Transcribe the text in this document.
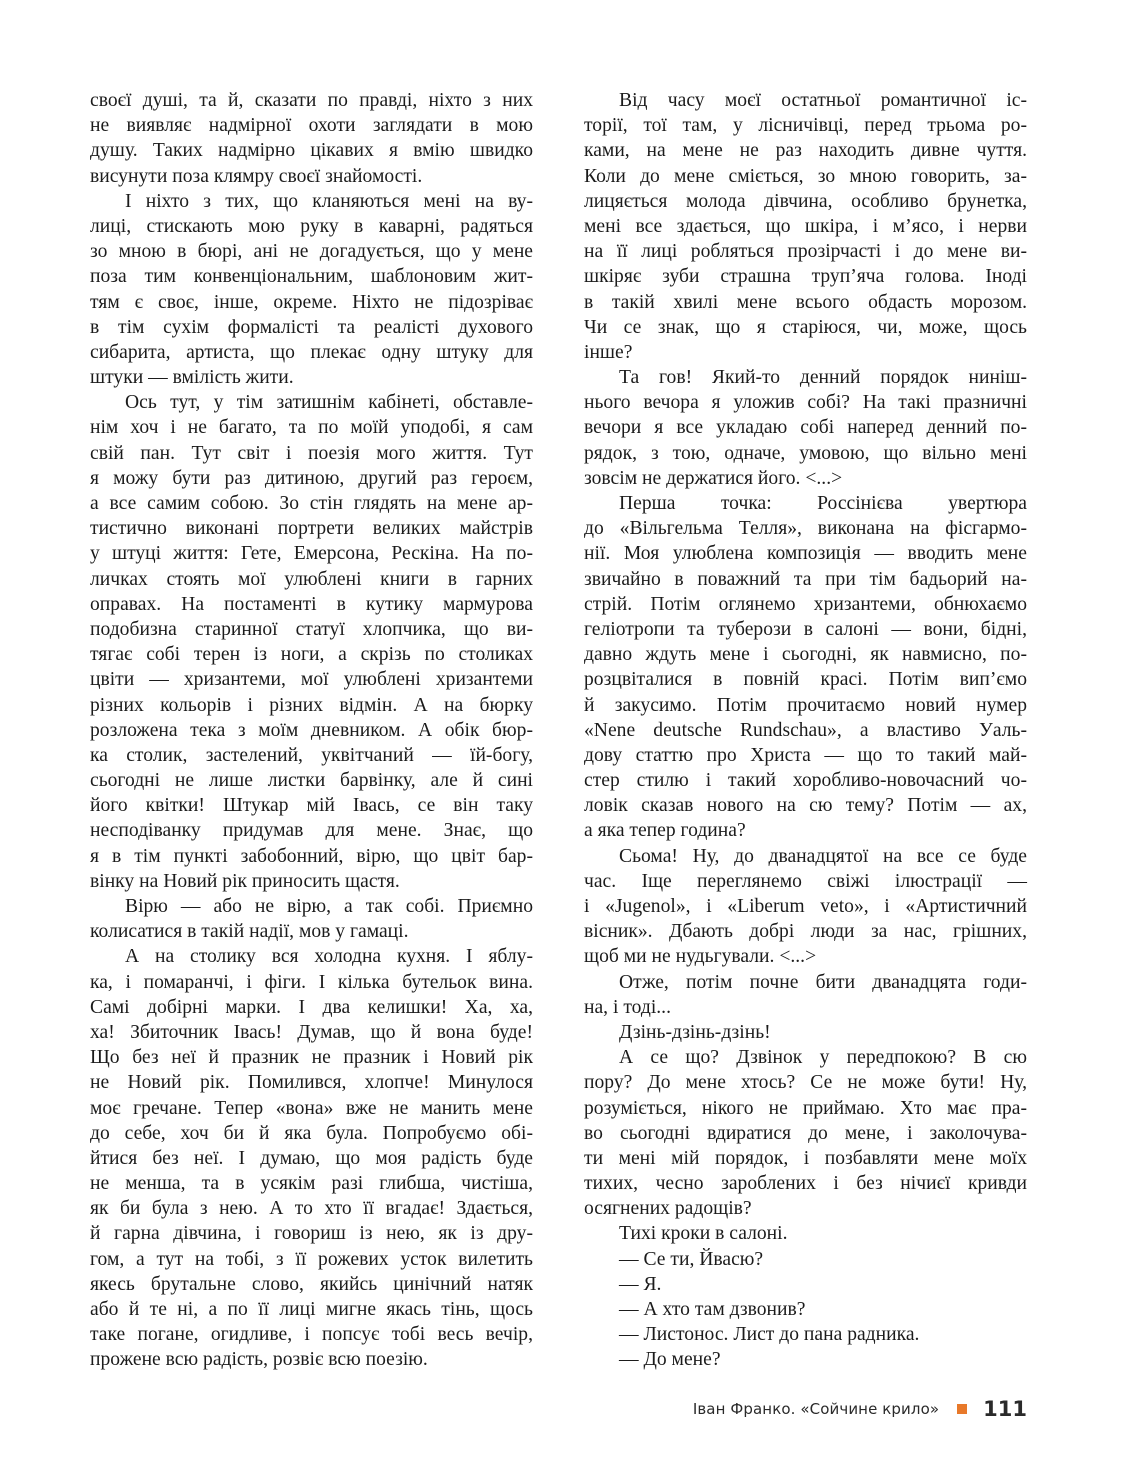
своєї душі, та й, сказати по правді, ніхто з них
не виявляє надмірної охоти заглядати в мою
душу. Таких надмірно цікавих я вмію швидко
висунути поза клямру своєї знайомості.
І ніхто з тих, що кланяються мені на ву-
лиці, стискають мою руку в каварні, радяться
зо мною в бюрі, ані не догадується, що у мене
поза тим конвенціональним, шаблоновим жит-
тям є своє, інше, окреме. Ніхто не підозріває
в тім сухім формалісті та реалісті духового
сибарита, артиста, що плекає одну штуку для
штуки — вмілість жити.
Ось тут, у тім затишнім кабінеті, обставле-
нім хоч і не багато, та по моїй уподобі, я сам
свій пан. Тут світ і поезія мого життя. Тут
я можу бути раз дитиною, другий раз героєм,
а все самим собою. Зо стін глядять на мене ар-
тистично виконані портрети великих майстрів
у штуці життя: Гете, Емерсона, Рескіна. На по-
личках стоять мої улюблені книги в гарних
оправах. На постаменті в кутику мармурова
подобизна старинної статуї хлопчика, що ви-
тягає собі терен із ноги, а скрізь по столиках
цвіти — хризантеми, мої улюблені хризантеми
різних кольорів і різних відмін. А на бюрку
розложена тека з моїм дневником. А обік бюр-
ка столик, застелений, уквітчаний — їй-богу,
сьогодні не лише листки барвінку, але й сині
його квітки! Штукар мій Івась, се він таку
несподіванку придумав для мене. Знає, що
я в тім пункті забобонний, вірю, що цвіт бар-
вінку на Новий рік приносить щастя.
Вірю — або не вірю, а так собі. Приємно
колисатися в такій надії, мов у гамаці.
А на столику вся холодна кухня. І яблу-
ка, і помаранчі, і фіги. І кілька бутельок вина.
Самі добірні марки. І два келишки! Ха, ха,
ха! Збиточник Івась! Думав, що й вона буде!
Що без неї й празник не празник і Новий рік
не Новий рік. Помилився, хлопче! Минулося
моє гречане. Тепер «вона» вже не манить мене
до себе, хоч би й яка була. Попробуємо обі-
йтися без неї. І думаю, що моя радість буде
не менша, та в усякім разі глибша, чистіша,
як би була з нею. А то хто її вгадає! Здається,
й гарна дівчина, і говориш із нею, як із дру-
гом, а тут на тобі, з її рожевих усток вилетить
якесь брутальне слово, якийсь цинічний натяк
або й те ні, а по її лиці мигне якась тінь, щось
таке погане, огидливе, і попсує тобі весь вечір,
прожене всю радість, розвіє всю поезію.
Від часу моєї остатньої романтичної іс-
торії, тої там, у лісничівці, перед трьома ро-
ками, на мене не раз находить дивне чуття.
Коли до мене сміється, зо мною говорить, за-
лицяється молода дівчина, особливо брунетка,
мені все здається, що шкіра, і м’ясо, і нерви
на її лиці робляться прозірчасті і до мене ви-
шкіряє зуби страшна труп’яча голова. Іноді
в такій хвилі мене всього обдасть морозом.
Чи се знак, що я старіюся, чи, може, щось
інше?
Та гов! Який-то денний порядок нинiш-
нього вечора я уложив собі? На такі празничні
вечори я все укладаю собі наперед денний по-
рядок, з тою, одначе, умовою, що вільно мені
зовсім не держатися його. <...>
Перша точка: Россінієва увертюра
до «Вільгельма Телля», виконана на фісгармо-
нії. Моя улюблена композиція — вводить мене
звичайно в поважний та при тім бадьорий на-
стрій. Потім оглянемо хризантеми, обнюхаємо
геліотропи та туберози в салоні — вони, бідні,
давно ждуть мене і сьогодні, як навмисно, по-
розцвіталися в повній красі. Потім вип’ємо
й закусимо. Потім прочитаємо новий нумер
«Nene deutsche Rundschau», а властиво Уаль-
дову статтю про Христа — що то такий май-
стер стилю і такий хоробливо-новочасний чо-
ловік сказав нового на сю тему? Потім — ах,
а яка тепер година?
Сьома! Ну, до дванадцятої на все се буде
час. Іще переглянемо свіжі ілюстрації —
і «Jugenol», і «Liberum veto», і «Артистичний
вісник». Дбають добрі люди за нас, грішних,
щоб ми не нудьгували. <...>
Отже, потім почне бити дванадцята годи-
на, і тоді...
Дзінь-дзінь-дзінь!
А се що? Дзвінок у передпокою? В сю
пору? До мене хтось? Се не може бути! Ну,
розуміється, нікого не приймаю. Хто має пра-
во сьогодні вдиратися до мене, і заколочува-
ти мені мій порядок, і позбавляти мене моїх
тихих, чесно зароблених і без нічиєї кривди
осягнених радощів?
Тихі кроки в салоні.
— Се ти, Йвасю?
— Я.
— А хто там дзвонив?
— Листонос. Лист до пана радника.
— До мене?
Іван Франко. «Сойчине крило» 111
